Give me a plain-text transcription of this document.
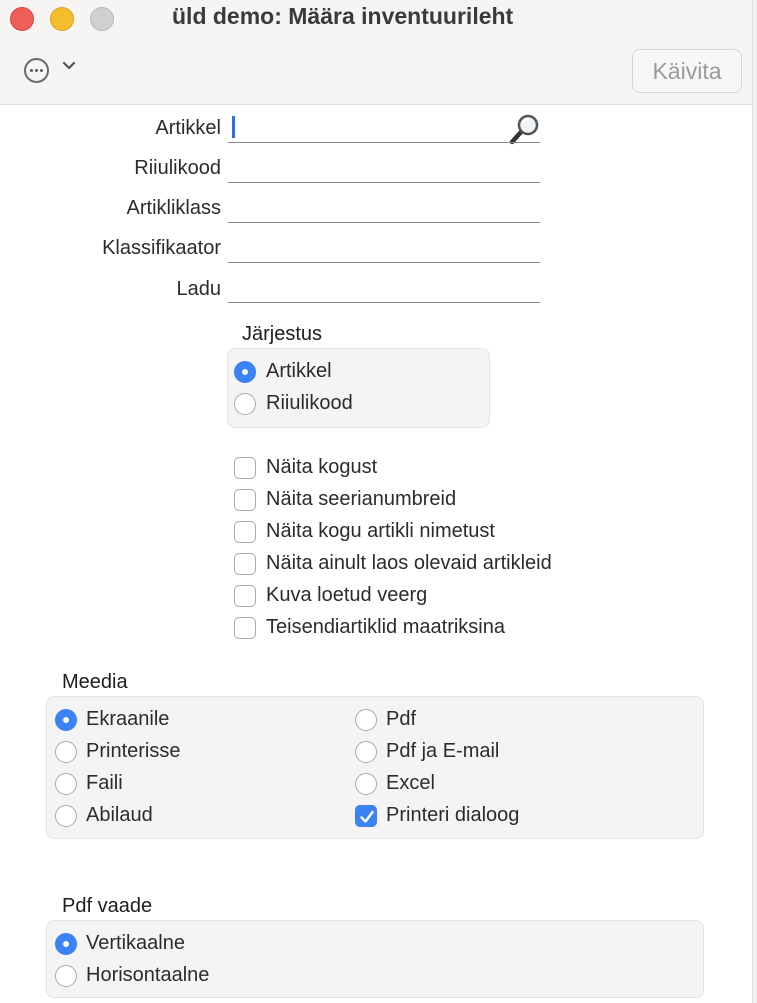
üld demo: Määra inventuurileht
Käivita
Artikkel
Riiulikood
Artikliklass
Klassifikaator
Ladu
Järjestus
Artikkel
Riiulikood
Näita kogust
Näita seerianumbreid
Näita kogu artikli nimetust
Näita ainult laos olevaid artikleid
Kuva loetud veerg
Teisendiartiklid maatriksina
Meedia
Ekraanile
Printerisse
Faili
Abilaud
Pdf
Pdf ja E-mail
Excel
Printeri dialoog
Pdf vaade
Vertikaalne
Horisontaalne
